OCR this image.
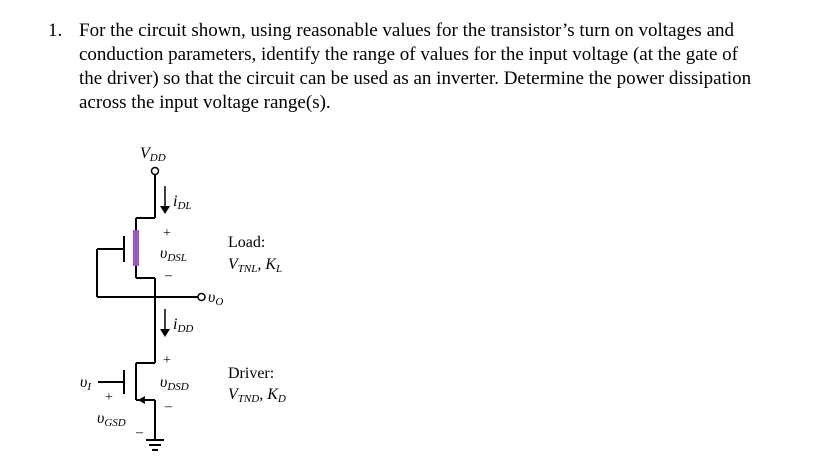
1. For the circuit shown, using reasonable values for the transistor’s turn on voltages and
conduction parameters, identify the range of values for the input voltage (at the gate of
the driver) so that the circuit can be used as an inverter. Determine the power dissipation
across the input voltage range(s).
VDD
iDL
+
υDSL
–
υO
iDD
+
υDSD
–
υI
+
υGSD
–
Load:
VTNL, KL
Driver:
VTND, KD
